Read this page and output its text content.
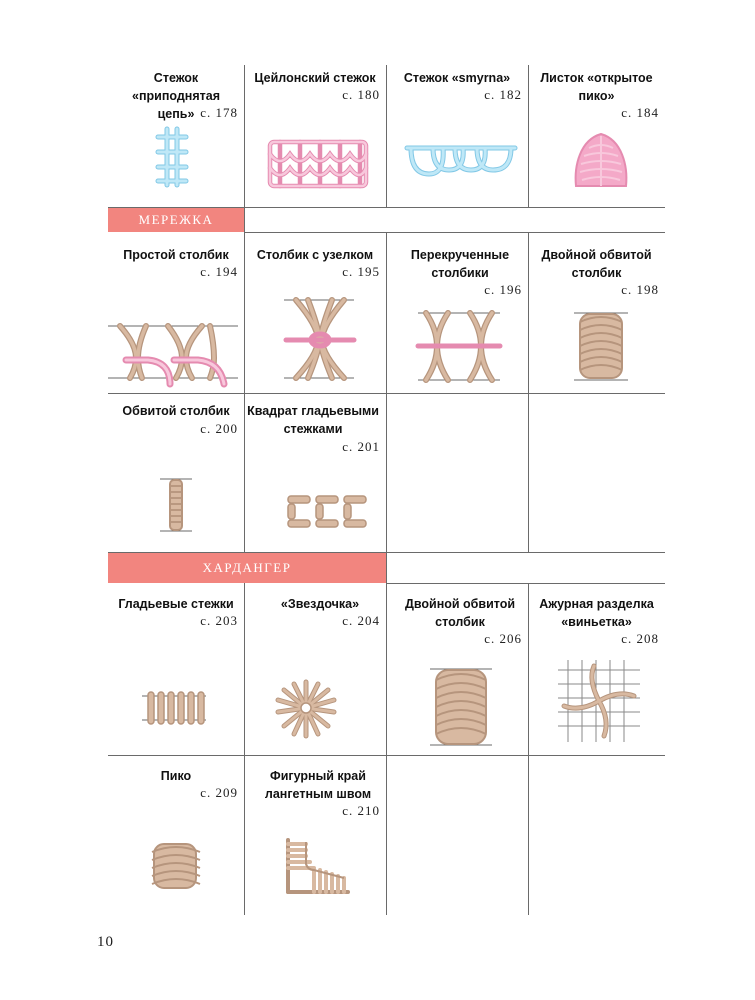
МЕРЕЖКА
ХАРДАНГЕР
Стежок «приподнятая цепь» с. 178
Цейлонский стежок
с. 180
Стежок «smyrna»
с. 182
Листок «открытое пико»
с. 184
Простой столбик
с. 194
Столбик с узелком
с. 195
Перекрученные столбики
с. 196
Двойной обвитой столбик
с. 198
Обвитой столбик
с. 200
Квадрат гладьевыми стежками
с. 201
Гладьевые стежки
с. 203
«Звездочка»
с. 204
Двойной обвитой столбик
с. 206
Ажурная разделка «виньетка»
с. 208
Пико
с. 209
Фигурный край лангетным швом
с. 210
10
